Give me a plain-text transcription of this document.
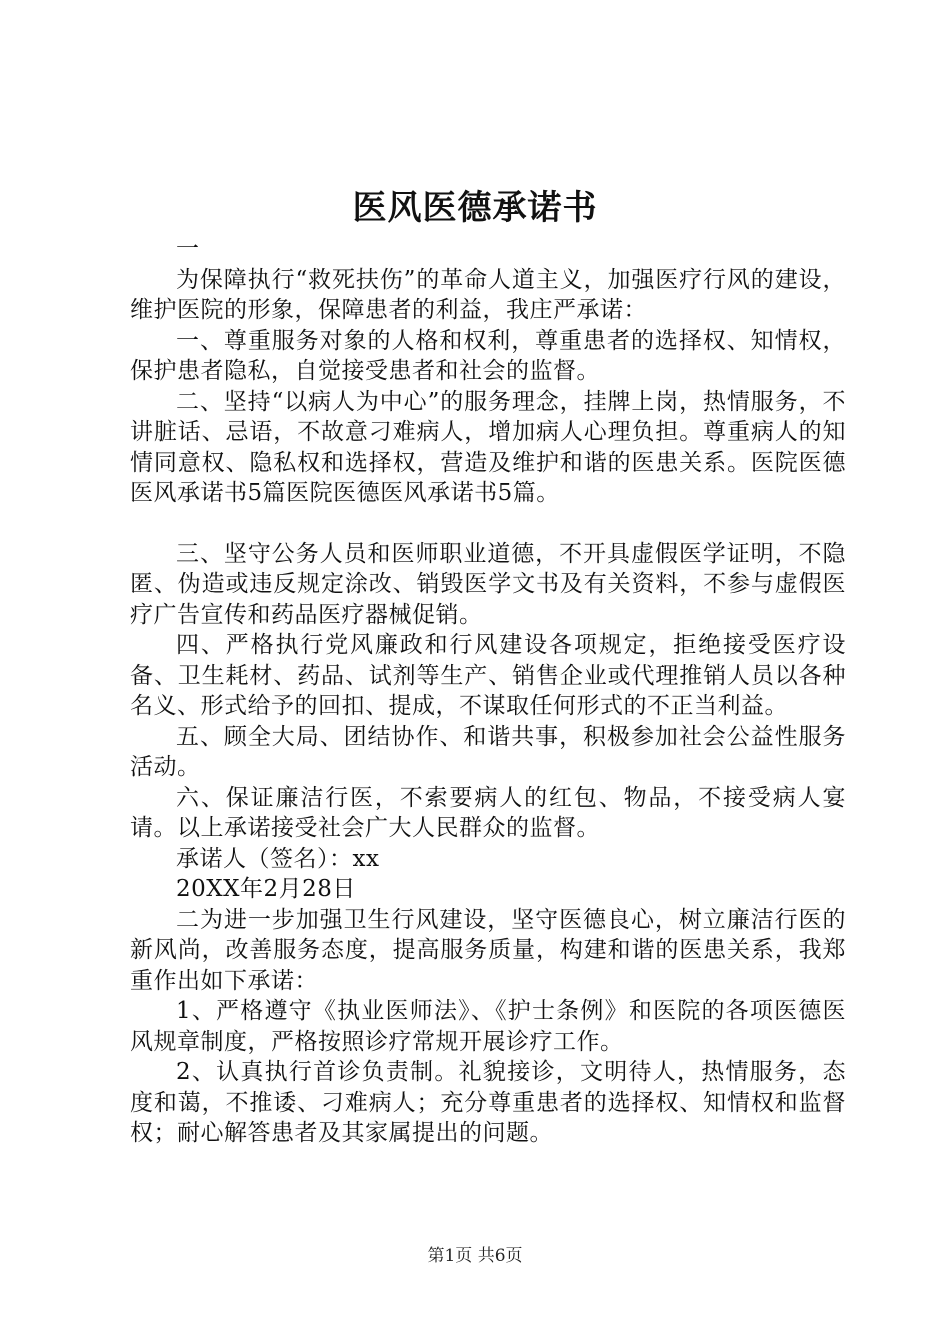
医风医德承诺书

一

为保障执行“救死扶伤”的革命人道主义，加强医疗行风的建设，维护医院的形象，保障患者的利益，我庄严承诺：

一、尊重服务对象的人格和权利，尊重患者的选择权、知情权，保护患者隐私，自觉接受患者和社会的监督。

二、坚持“以病人为中心”的服务理念，挂牌上岗，热情服务，不讲脏话、忌语，不故意刁难病人，增加病人心理负担。尊重病人的知情同意权、隐私权和选择权，营造及维护和谐的医患关系。医院医德医风承诺书5篇医院医德医风承诺书5篇。

三、坚守公务人员和医师职业道德，不开具虚假医学证明，不隐匿、伪造或违反规定涂改、销毁医学文书及有关资料，不参与虚假医疗广告宣传和药品医疗器械促销。

四、严格执行党风廉政和行风建设各项规定，拒绝接受医疗设备、卫生耗材、药品、试剂等生产、销售企业或代理推销人员以各种名义、形式给予的回扣、提成，不谋取任何形式的不正当利益。

五、顾全大局、团结协作、和谐共事，积极参加社会公益性服务活动。

六、保证廉洁行医，不索要病人的红包、物品，不接受病人宴请。以上承诺接受社会广大人民群众的监督。

承诺人（签名）：xx

20XX年2月28日

二为进一步加强卫生行风建设，坚守医德良心，树立廉洁行医的新风尚，改善服务态度，提高服务质量，构建和谐的医患关系，我郑重作出如下承诺：

1、严格遵守《执业医师法》、《护士条例》和医院的各项医德医风规章制度，严格按照诊疗常规开展诊疗工作。

2、认真执行首诊负责制。礼貌接诊，文明待人，热情服务，态度和蔼，不推诿、刁难病人；充分尊重患者的选择权、知情权和监督权；耐心解答患者及其家属提出的问题。

第1页 共6页
